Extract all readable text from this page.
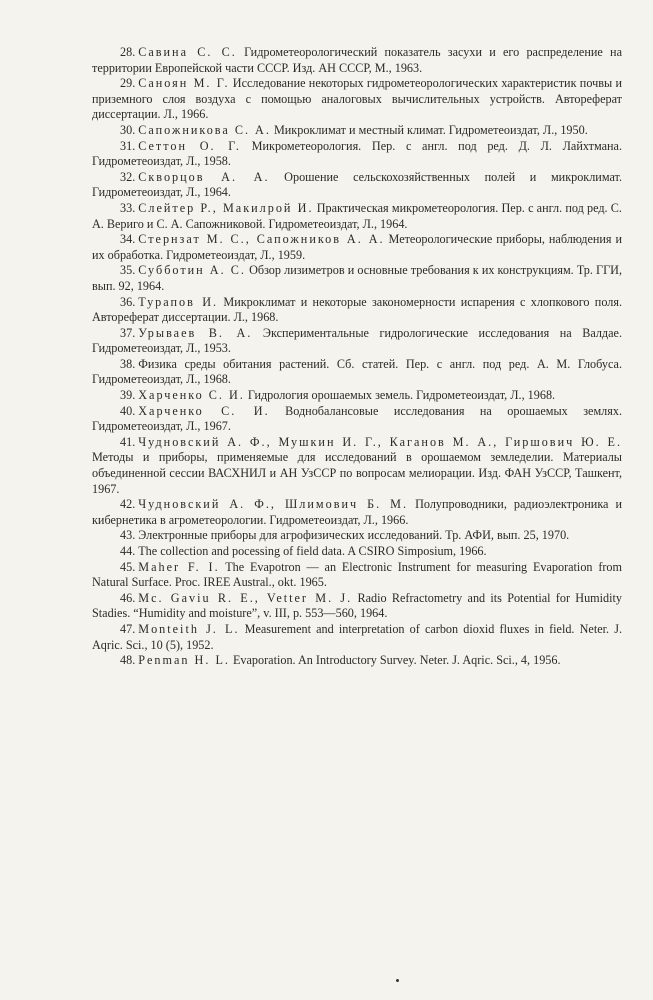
28. Савина С. С. Гидрометеорологический показатель засухи и его распределение на территории Европейской части СССР. Изд. АН СССР, М., 1963.

29. Саноян М. Г. Исследование некоторых гидрометеорологических характеристик почвы и приземного слоя воздуха с помощью аналоговых вычислительных устройств. Автореферат диссертации. Л., 1966.

30. Сапожникова С. А. Микроклимат и местный климат. Гидрометеоиздат, Л., 1950.

31. Сеттон О. Г. Микрометеорология. Пер. с англ. под ред. Д. Л. Лайхтмана. Гидрометеоиздат, Л., 1958.

32. Скворцов А. А. Орошение сельскохозяйственных полей и микроклимат. Гидрометеоиздат, Л., 1964.

33. Слейтер Р., Макилрой И. Практическая микрометеорология. Пер. с англ. под ред. С. А. Вериго и С. А. Сапожниковой. Гидрометеоиздат, Л., 1964.

34. Стернзат М. С., Сапожников А. А. Метеорологические приборы, наблюдения и их обработка. Гидрометеоиздат, Л., 1959.

35. Субботин А. С. Обзор лизиметров и основные требования к их конструкциям. Тр. ГГИ, вып. 92, 1964.

36. Турапов И. Микроклимат и некоторые закономерности испарения с хлопкового поля. Автореферат диссертации. Л., 1968.

37. Урываев В. А. Экспериментальные гидрологические исследования на Валдае. Гидрометеоиздат, Л., 1953.

38. Физика среды обитания растений. Сб. статей. Пер. с англ. под ред. А. М. Глобуса. Гидрометеоиздат, Л., 1968.

39. Харченко С. И. Гидрология орошаемых земель. Гидрометеоиздат, Л., 1968.

40. Харченко С. И. Воднобалансовые исследования на орошаемых землях. Гидрометеоиздат, Л., 1967.

41. Чудновский А. Ф., Мушкин И. Г., Каганов М. А., Гиршович Ю. Е. Методы и приборы, применяемые для исследований в орошаемом земледелии. Материалы объединенной сессии ВАСХНИЛ и АН УзССР по вопросам мелиорации. Изд. ФАН УзССР, Ташкент, 1967.

42. Чудновский А. Ф., Шлимович Б. М. Полупроводники, радиоэлектроника и кибернетика в агрометеорологии. Гидрометеоиздат, Л., 1966.

43. Электронные приборы для агрофизических исследований. Тр. АФИ, вып. 25, 1970.

44. The collection and pocessing of field data. A CSIRO Simposium, 1966.

45. Maher F. I. The Evapotron — an Electronic Instrument for measuring Evaporation from Natural Surface. Proc. IREE Austral., okt. 1965.

46. Mc. Gaviu R. E., Vetter M. J. Radio Refractometry and its Potential for Humidity Stadies. “Humidity and moisture”, v. III, p. 553—560, 1964.

47. Monteith J. L. Measurement and interpretation of carbon dioxid fluxes in field. Neter. J. Aqric. Sci., 10 (5), 1952.

48. Penman H. L. Evaporation. An Introductory Survey. Neter. J. Aqric. Sci., 4, 1956.
